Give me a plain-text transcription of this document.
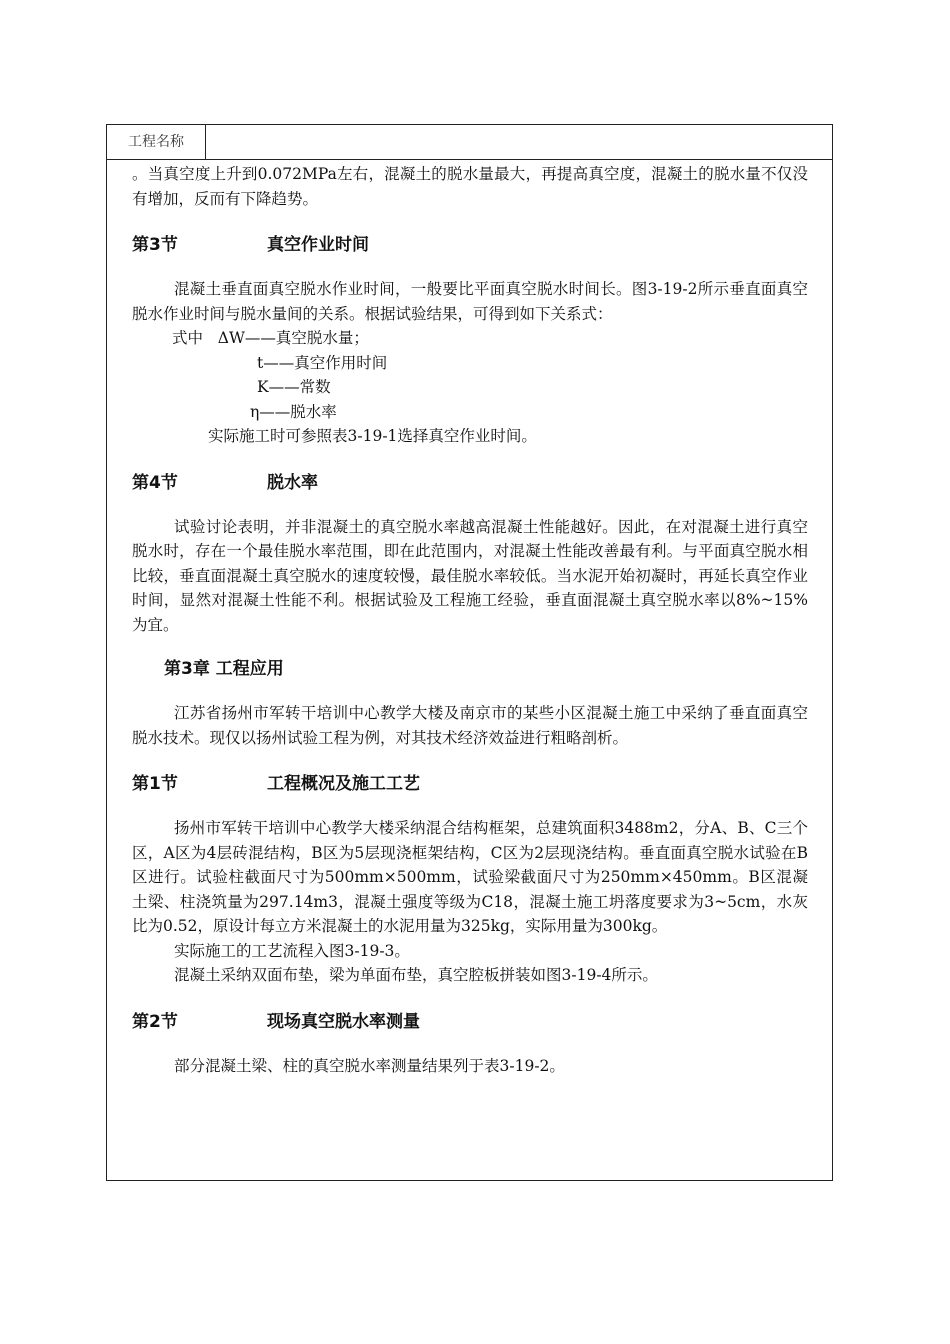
工程名称

。当真空度上升到0.072MPa左右，混凝土的脱水量最大，再提高真空度，混凝土的脱水量不仅没有增加，反而有下降趋势。

第3节	真空作业时间

混凝土垂直面真空脱水作业时间，一般要比平面真空脱水时间长。图3-19-2所示垂直面真空脱水作业时间与脱水量间的关系。根据试验结果，可得到如下关系式：

式中   ΔW——真空脱水量；

t——真空作用时间

K——常数

η——脱水率

实际施工时可参照表3-19-1选择真空作业时间。

第4节	脱水率

试验讨论表明，并非混凝土的真空脱水率越高混凝土性能越好。因此，在对混凝土进行真空脱水时，存在一个最佳脱水率范围，即在此范围内，对混凝土性能改善最有利。与平面真空脱水相比较，垂直面混凝土真空脱水的速度较慢，最佳脱水率较低。当水泥开始初凝时，再延长真空作业时间，显然对混凝土性能不利。根据试验及工程施工经验，垂直面混凝土真空脱水率以8%~15%为宜。

第3章 工程应用

江苏省扬州市军转干培训中心教学大楼及南京市的某些小区混凝土施工中采纳了垂直面真空脱水技术。现仅以扬州试验工程为例，对其技术经济效益进行粗略剖析。

第1节	工程概况及施工工艺

扬州市军转干培训中心教学大楼采纳混合结构框架，总建筑面积3488m2，分A、B、C三个区，A区为4层砖混结构，B区为5层现浇框架结构，C区为2层现浇结构。垂直面真空脱水试验在B区进行。试验柱截面尺寸为500mm×500mm，试验梁截面尺寸为250mm×450mm。B区混凝土梁、柱浇筑量为297.14m3，混凝土强度等级为C18，混凝土施工坍落度要求为3~5cm，水灰比为0.52，原设计每立方米混凝土的水泥用量为325kg，实际用量为300kg。

实际施工的工艺流程入图3-19-3。

混凝土采纳双面布垫，梁为单面布垫，真空腔板拼装如图3-19-4所示。

第2节	现场真空脱水率测量

部分混凝土梁、柱的真空脱水率测量结果列于表3-19-2。
